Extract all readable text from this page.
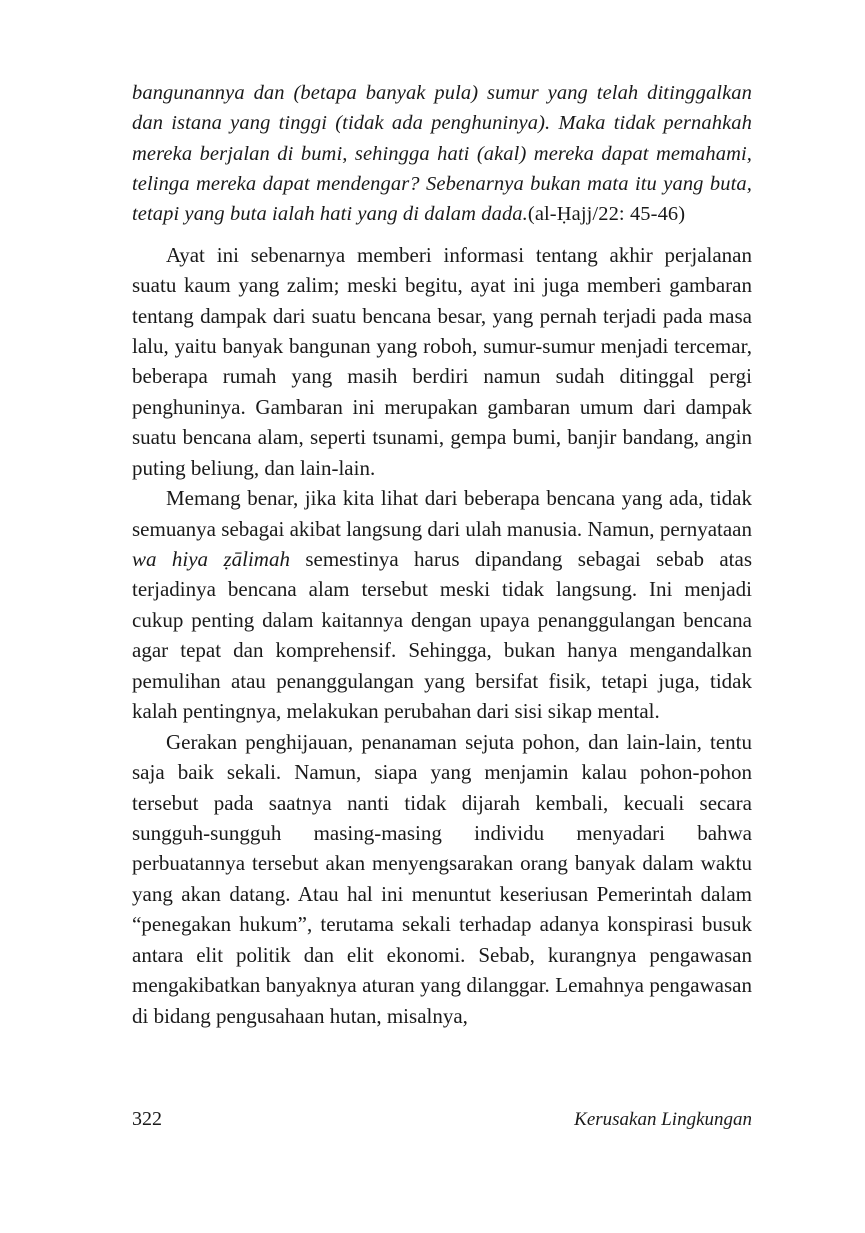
bangunannya dan (betapa banyak pula) sumur yang telah ditinggalkan dan istana yang tinggi (tidak ada penghuninya). Maka tidak pernahkah mereka berjalan di bumi, sehingga hati (akal) mereka dapat memahami, telinga mereka dapat mendengar? Sebenarnya bukan mata itu yang buta, tetapi yang buta ialah hati yang di dalam dada.(al-Ḥajj/22: 45-46)

Ayat ini sebenarnya memberi informasi tentang akhir perjalanan suatu kaum yang zalim; meski begitu, ayat ini juga memberi gambaran tentang dampak dari suatu bencana besar, yang pernah terjadi pada masa lalu, yaitu banyak bangunan yang roboh, sumur-sumur menjadi tercemar, beberapa rumah yang masih berdiri namun sudah ditinggal pergi penghuninya. Gambaran ini merupakan gambaran umum dari dampak suatu bencana alam, seperti tsunami, gempa bumi, banjir bandang, angin puting beliung, dan lain-lain.

Memang benar, jika kita lihat dari beberapa bencana yang ada, tidak semuanya sebagai akibat langsung dari ulah manusia. Namun, pernyataan wa hiya ẓālimah semestinya harus dipandang sebagai sebab atas terjadinya bencana alam tersebut meski tidak langsung. Ini menjadi cukup penting dalam kaitannya dengan upaya penanggulangan bencana agar tepat dan komprehensif. Sehingga, bukan hanya mengandalkan pemulihan atau penanggulangan yang bersifat fisik, tetapi juga, tidak kalah pentingnya, melakukan perubahan dari sisi sikap mental.

Gerakan penghijauan, penanaman sejuta pohon, dan lain-lain, tentu saja baik sekali. Namun, siapa yang menjamin kalau pohon-pohon tersebut pada saatnya nanti tidak dijarah kembali, kecuali secara sungguh-sungguh masing-masing individu menyadari bahwa perbuatannya tersebut akan menyengsarakan orang banyak dalam waktu yang akan datang. Atau hal ini menuntut keseriusan Pemerintah dalam “penegakan hukum”, terutama sekali terhadap adanya konspirasi busuk antara elit politik dan elit ekonomi. Sebab, kurangnya pengawasan mengakibatkan banyaknya aturan yang dilanggar. Lemahnya pengawasan di bidang pengusahaan hutan, misalnya,

322	Kerusakan Lingkungan
